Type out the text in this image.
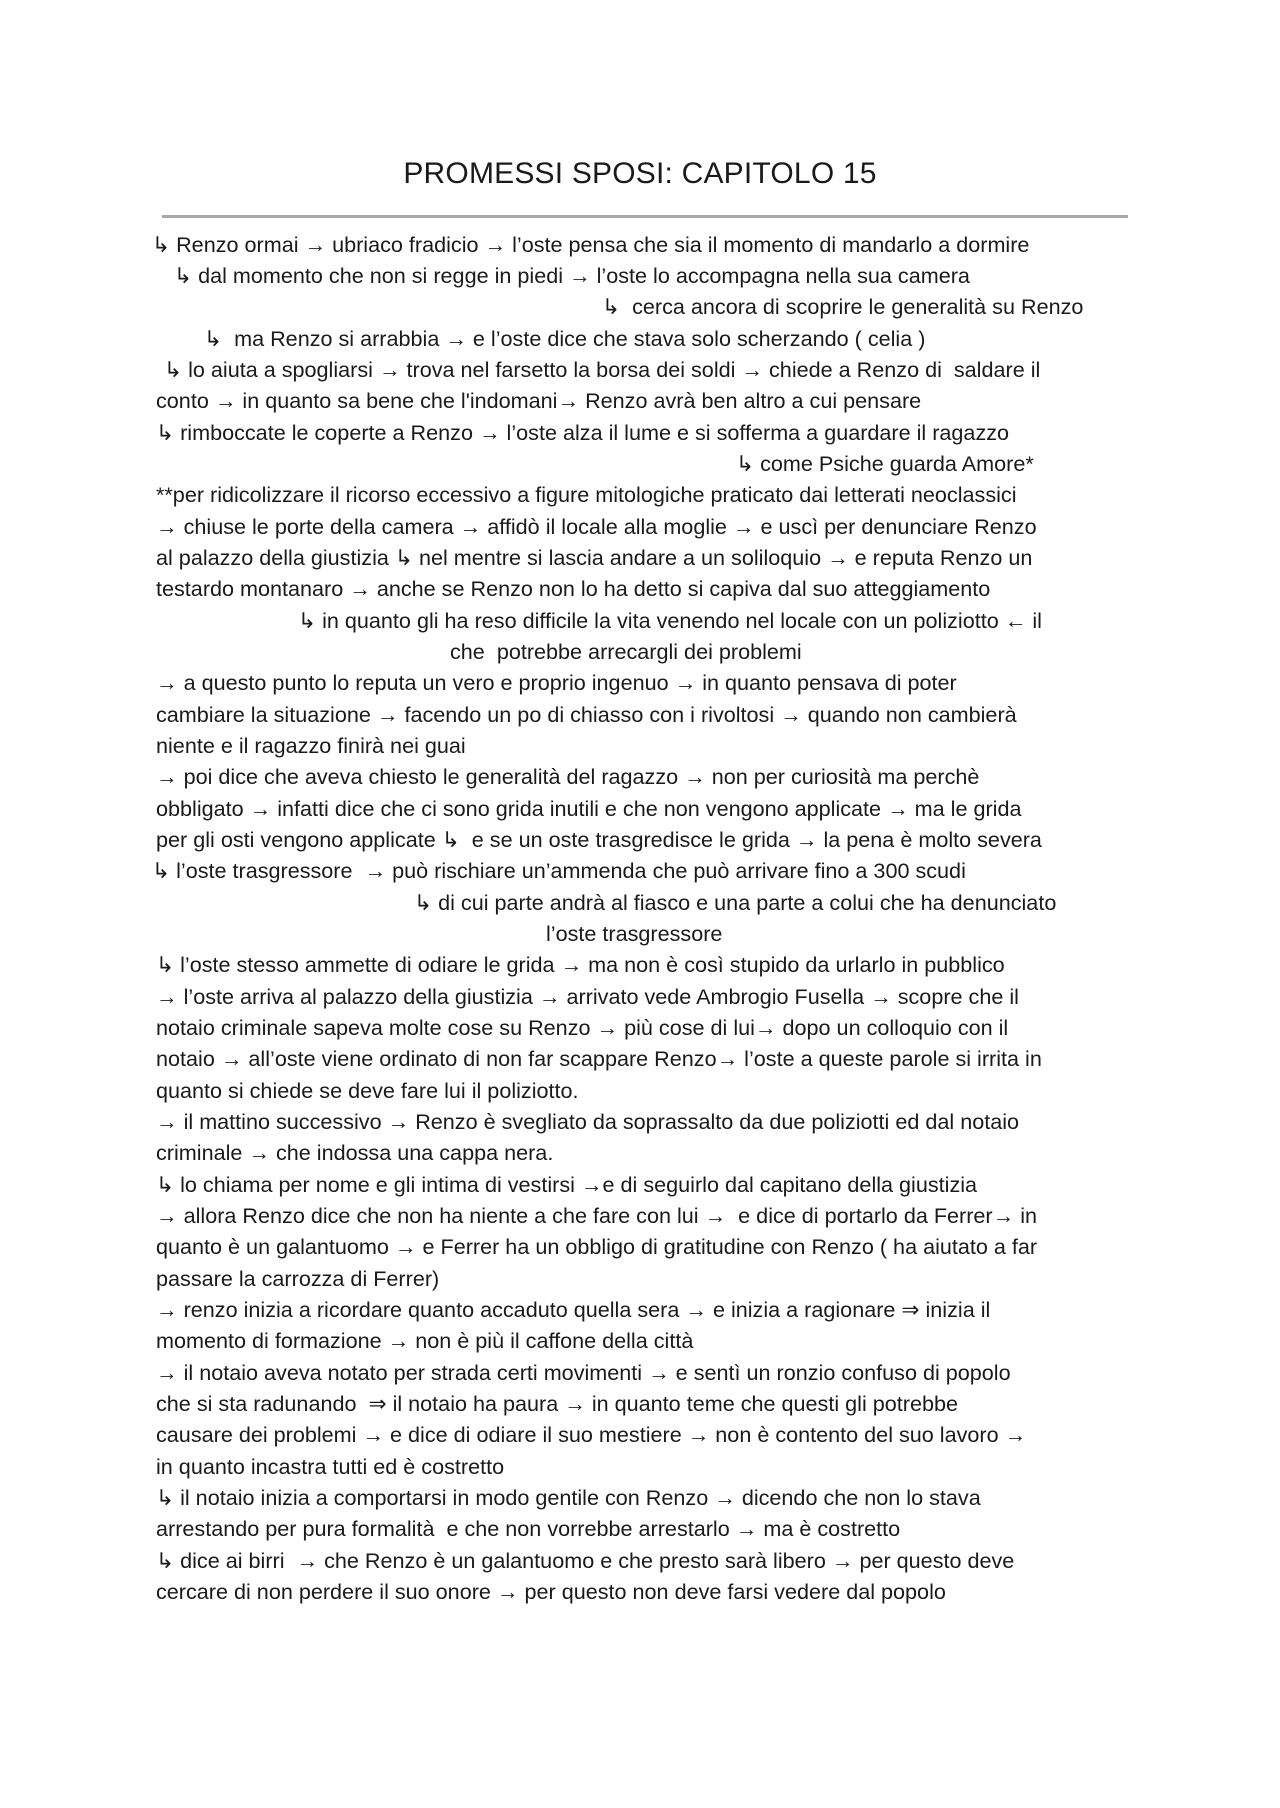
PROMESSI SPOSI: CAPITOLO 15
↳ Renzo ormai → ubriaco fradicio → l’oste pensa che sia il momento di mandarlo a dormire
↳ dal momento che non si regge in piedi → l’oste lo accompagna nella sua camera
↳  cerca ancora di scoprire le generalità su Renzo
↳  ma Renzo si arrabbia → e l’oste dice che stava solo scherzando ( celia )
↳ lo aiuta a spogliarsi → trova nel farsetto la borsa dei soldi → chiede a Renzo di  saldare il
conto → in quanto sa bene che l'indomani→ Renzo avrà ben altro a cui pensare
↳ rimboccate le coperte a Renzo → l’oste alza il lume e si sofferma a guardare il ragazzo
↳ come Psiche guarda Amore*
**per ridicolizzare il ricorso eccessivo a figure mitologiche praticato dai letterati neoclassici
→ chiuse le porte della camera → affidò il locale alla moglie → e uscì per denunciare Renzo
al palazzo della giustizia ↳ nel mentre si lascia andare a un soliloquio → e reputa Renzo un
testardo montanaro → anche se Renzo non lo ha detto si capiva dal suo atteggiamento
↳ in quanto gli ha reso difficile la vita venendo nel locale con un poliziotto ← il
che  potrebbe arrecargli dei problemi
→ a questo punto lo reputa un vero e proprio ingenuo → in quanto pensava di poter
cambiare la situazione → facendo un po di chiasso con i rivoltosi → quando non cambierà
niente e il ragazzo finirà nei guai
→ poi dice che aveva chiesto le generalità del ragazzo → non per curiosità ma perchè
obbligato → infatti dice che ci sono grida inutili e che non vengono applicate → ma le grida
per gli osti vengono applicate ↳  e se un oste trasgredisce le grida → la pena è molto severa
↳ l’oste trasgressore  → può rischiare un’ammenda che può arrivare fino a 300 scudi
↳ di cui parte andrà al fiasco e una parte a colui che ha denunciato
l’oste trasgressore
↳ l’oste stesso ammette di odiare le grida → ma non è così stupido da urlarlo in pubblico
→ l’oste arriva al palazzo della giustizia → arrivato vede Ambrogio Fusella → scopre che il
notaio criminale sapeva molte cose su Renzo → più cose di lui→ dopo un colloquio con il
notaio → all’oste viene ordinato di non far scappare Renzo→ l’oste a queste parole si irrita in
quanto si chiede se deve fare lui il poliziotto.
→ il mattino successivo → Renzo è svegliato da soprassalto da due poliziotti ed dal notaio
criminale → che indossa una cappa nera.
↳ lo chiama per nome e gli intima di vestirsi →e di seguirlo dal capitano della giustizia
→ allora Renzo dice che non ha niente a che fare con lui →  e dice di portarlo da Ferrer→ in
quanto è un galantuomo → e Ferrer ha un obbligo di gratitudine con Renzo ( ha aiutato a far
passare la carrozza di Ferrer)
→ renzo inizia a ricordare quanto accaduto quella sera → e inizia a ragionare ⇒ inizia il
momento di formazione → non è più il caffone della città
→ il notaio aveva notato per strada certi movimenti → e sentì un ronzio confuso di popolo
che si sta radunando  ⇒ il notaio ha paura → in quanto teme che questi gli potrebbe
causare dei problemi → e dice di odiare il suo mestiere → non è contento del suo lavoro →
in quanto incastra tutti ed è costretto
↳ il notaio inizia a comportarsi in modo gentile con Renzo → dicendo che non lo stava
arrestando per pura formalità  e che non vorrebbe arrestarlo → ma è costretto
↳ dice ai birri  → che Renzo è un galantuomo e che presto sarà libero → per questo deve
cercare di non perdere il suo onore → per questo non deve farsi vedere dal popolo
